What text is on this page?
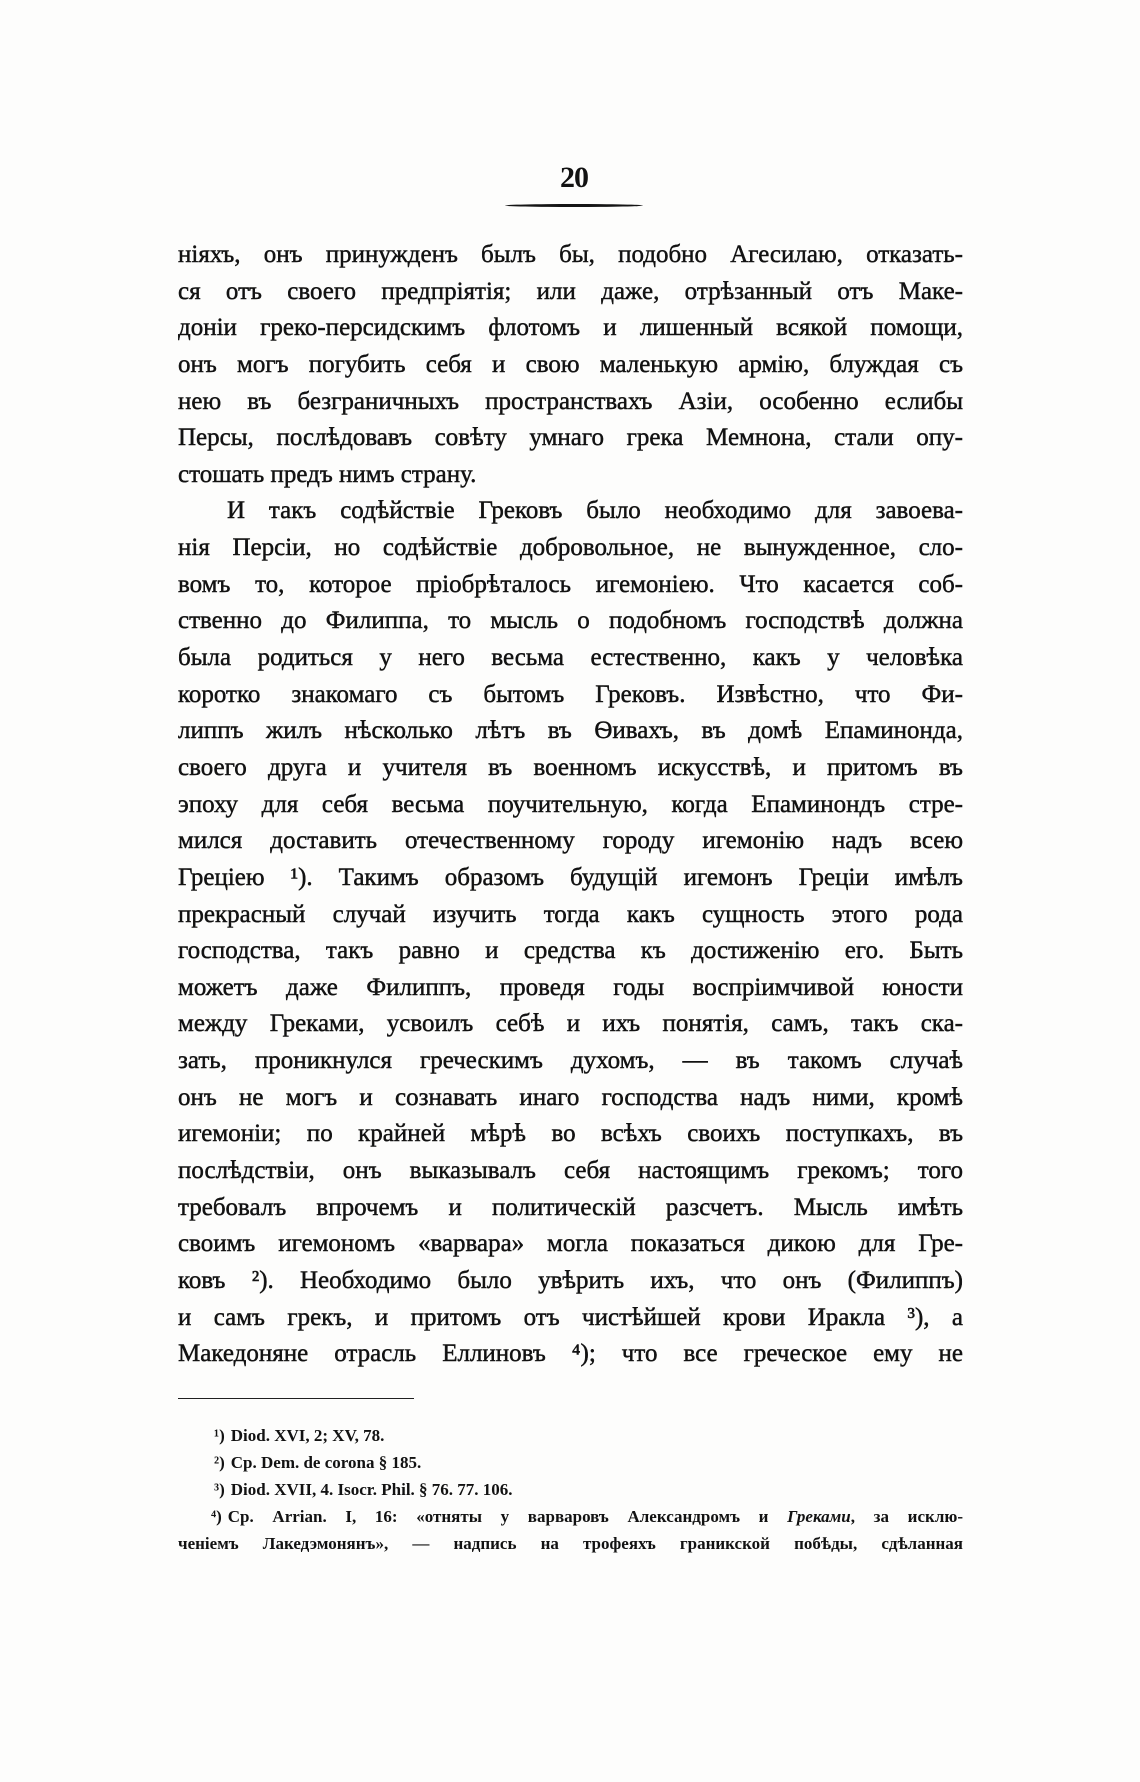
20
ніяхъ, онъ принужденъ былъ бы, подобно Агесилаю, отказать-
ся отъ своего предпріятія; или даже, отрѣзанный отъ Маке-
доніи греко-персидскимъ флотомъ и лишенный всякой помощи,
онъ могъ погубить себя и свою маленькую армію, блуждая съ
нею въ безграничныхъ пространствахъ Азіи, особенно еслибы
Персы, послѣдовавъ совѣту умнаго грека Мемнона, стали опу-
стошать предъ нимъ страну.
И такъ содѣйствіе Грековъ было необходимо для завоева-
нія Персіи, но содѣйствіе добровольное, не вынужденное, сло-
вомъ то, которое пріобрѣталось игемоніею. Что касается соб-
ственно до Филиппа, то мысль о подобномъ господствѣ должна
была родиться у него весьма естественно, какъ у человѣка
коротко знакомаго съ бытомъ Грековъ. Извѣстно, что Фи-
липпъ жилъ нѣсколько лѣтъ въ Ѳивахъ, въ домѣ Епаминонда,
своего друга и учителя въ военномъ искусствѣ, и притомъ въ
эпоху для себя весьма поучительную, когда Епаминондъ стре-
мился доставить отечественному городу игемонію надъ всею
Греціею ¹). Такимъ образомъ будущій игемонъ Греціи имѣлъ
прекрасный случай изучить тогда какъ сущность этого рода
господства, такъ равно и средства къ достиженію его. Быть
можетъ даже Филиппъ, проведя годы воспріимчивой юности
между Греками, усвоилъ себѣ и ихъ понятія, самъ, такъ ска-
зать, проникнулся греческимъ духомъ, — въ такомъ случаѣ
онъ не могъ и сознавать инаго господства надъ ними, кромѣ
игемоніи; по крайней мѣрѣ во всѣхъ своихъ поступкахъ, въ
послѣдствіи, онъ выказывалъ себя настоящимъ грекомъ; того
требовалъ впрочемъ и политическій разсчетъ. Мысль имѣть
своимъ игемономъ «варвара» могла показаться дикою для Гре-
ковъ ²). Необходимо было увѣрить ихъ, что онъ (Филиппъ)
и самъ грекъ, и притомъ отъ чистѣйшей крови Иракла ³), а
Македоняне отрасль Еллиновъ ⁴); что все греческое ему не
¹) Diod. XVI, 2; XV, 78.
²) Ср. Dem. de corona § 185.
³) Diod. XVII, 4. Isocr. Phil. § 76. 77. 106.
⁴) Ср. Arrian. I, 16: «отняты у варваровъ Александромъ и Греками, за исклю-
ченіемъ Лакедэмонянъ», — надпись на трофеяхъ граникской побѣды, сдѣланная
